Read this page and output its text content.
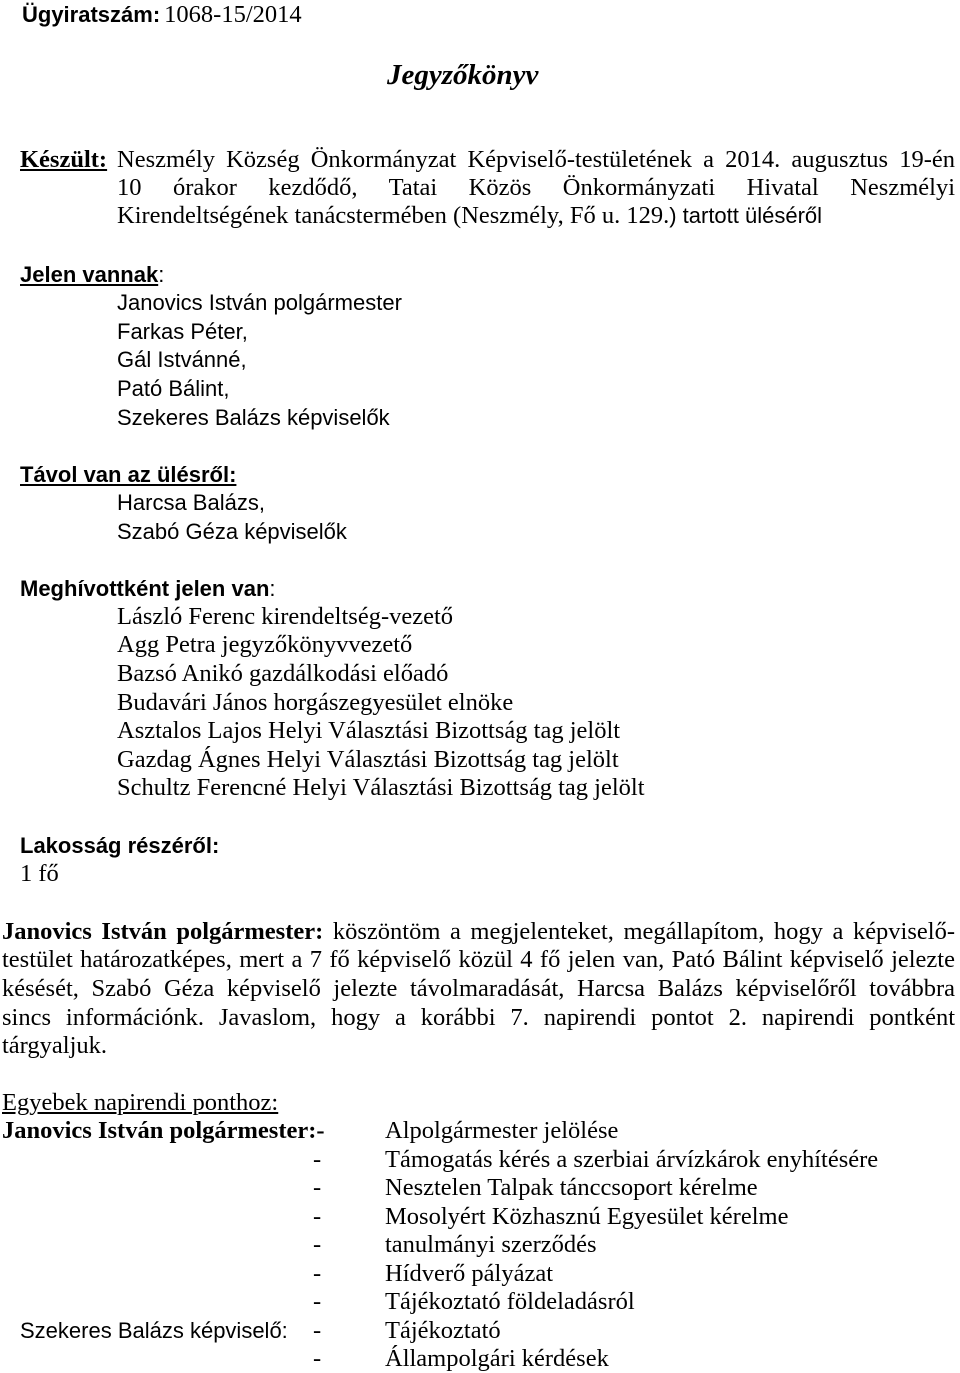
Ügyiratszám: 1068-15/2014
Jegyzőkönyv
Készült: Neszmély Község Önkormányzat Képviselő-testületének a 2014. augusztus 19-én
10 órakor kezdődő, Tatai Közös Önkormányzati Hivatal Neszmélyi
Kirendeltségének tanácstermében (Neszmély, Fő u. 129.) tartott üléséről
Jelen vannak:
Janovics István polgármester
Farkas Péter,
Gál Istvánné,
Pató Bálint,
Szekeres Balázs képviselők
Távol van az ülésről:
Harcsa Balázs,
Szabó Géza képviselők
Meghívottként jelen van:
László Ferenc kirendeltség-vezető
Agg Petra jegyzőkönyvvezető
Bazsó Anikó gazdálkodási előadó
Budavári János horgászegyesület elnöke
Asztalos Lajos Helyi Választási Bizottság tag jelölt
Gazdag Ágnes Helyi Választási Bizottság tag jelölt
Schultz Ferencné Helyi Választási Bizottság tag jelölt
Lakosság részéről:
1 fő
Janovics István polgármester: köszöntöm a megjelenteket, megállapítom, hogy a képviselő-
testület határozatképes, mert a 7 fő képviselő közül 4 fő jelen van, Pató Bálint képviselő jelezte
késését, Szabó Géza képviselő jelezte távolmaradását, Harcsa Balázs képviselőről továbbra
sincs információnk. Javaslom, hogy a korábbi 7. napirendi pontot 2. napirendi pontként
tárgyaljuk.
Egyebek napirendi ponthoz:
Janovics István polgármester:- Alpolgármester jelölése
-	Támogatás kérés a szerbiai árvízkárok enyhítésére
-	Nesztelen Talpak tánccsoport kérelme
-	Mosolyért Közhasznú Egyesület kérelme
-	tanulmányi szerződés
-	Hídverő pályázat
-	Tájékoztató földeladásról
Szekeres Balázs képviselő: -	Tájékoztató
-	Állampolgári kérdések
